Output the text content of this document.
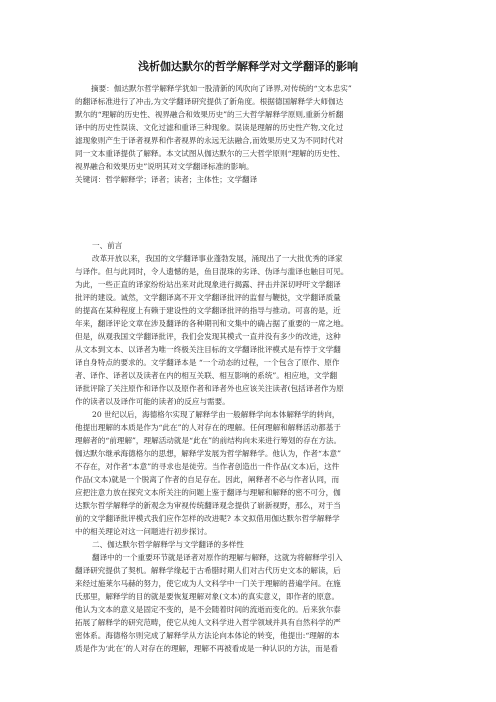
浅析伽达默尔的哲学解释学对文学翻译的影响
摘要：伽达默尔哲学解释学犹如一股清新的风吹向了译界,对传统的“文本忠实”
的翻译标准进行了冲击,为文学翻译研究提供了新角度。根据德国解释学大师伽达
默尔的“理解的历史性、视界融合和效果历史”的三大哲学解释学原则,重新分析翻
译中的历史性误读、文化过滤和重译三种现象。误读是理解的历史性产物,文化过
滤现象则产生于译者视界和作者视界的永远无法融合,而效果历史又为不同时代对
同一文本重译提供了解释。本文试图从伽达默尔的三大哲学原则“理解的历史性、
视界融合和效果历史”说明其对文学翻译标准的影响。
关键词：哲学解释学；译者；读者；主体性；文学翻译
一、前言
改革开放以来，我国的文学翻译事业蓬勃发展，涌现出了一大批优秀的译家
与译作。但与此同时，令人遗憾的是，鱼目混珠的劣译、伪译与滥译也触目可见。
为此，一些正直的译家纷纷站出来对此现象进行揭露、抨击并深切呼吁文学翻译
批评的建设。诚然，文学翻译离不开文学翻译批评的监督与鞭挞，文学翻译质量
的提高在某种程度上有赖于建设性的文学翻译批评的指导与推动。可喜的是，近
年来，翻译评论文章在涉及翻译的各种期刊和文集中的确占据了重要的一席之地。
但是，纵观我国文学翻译批评，我们会发现其模式一直并没有多少的改进，这种
从文本到文本、以译者为唯一终极关注目标的文学翻译批评模式是有悖于文学翻
译自身特点的要求的。文学翻译本是 “一个动态的过程，一个包含了原作、原作
者、译作、译者以及读者在内的相互关联、相互影响的系统”。相应地，文学翻
译批评除了关注原作和译作以及原作者和译者外也应该关注读者(包括译者作为原
作的读者以及译作可能的读者)的反应与需要。
20 世纪以后，海德格尔实现了解释学由一般解释学向本体解释学的转向，
他提出理解的本质是作为“此在”的人对存在的理解。任何理解和解释活动都基于
理解者的“前理解”，理解活动就是“此在”的前结构向未来进行筹划的存在方法。
伽达默尔继承海德格尔的思想，解释学发展为哲学解释学。他认为，作者“本意”
不存在，对作者“本意”的寻求也是徒劳。当作者创造出一件作品(文本)后，这件
作品(文本)就是一个脱离了作者的自足存在。因此，阐释者不必与作者认同，而
应把注意力放在探究文本所关注的问题上鉴于翻译与理解和解释的密不可分，伽
达默尔哲学解释学的新观念为审视传统翻译观念提供了崭新视野，那么，对于当
前的文学翻译批评模式我们应作怎样的改进呢? 本文拟借用伽达默尔哲学解释学
中的相关理论对这一问题进行初步探讨。
二、伽达默尔哲学解释学与文学翻译的多样性
翻译中的一个重要环节就是译者对原作的理解与解释，这就为将解释学引入
翻译研究提供了契机。解释学缘起于古希腊时期人们对古代历史文本的解读，后
来经过施莱尔马赫的努力，使它成为人文科学中一门关于理解的普遍学问。在施
氏那里，解释学的目的就是要恢复理解对象(文本)的真实意义，即作者的原意。
他认为文本的意义是固定不变的，是不会随着时间的流逝而变化的。后来狄尔泰
拓展了解释学的研究范畴，使它从纯人文科学进入哲学领域并具有自然科学的严
密体系。海德格尔则完成了解释学从方法论向本体论的转变，他提出:“理解的本
质是作为‘此在’的人对存在的理解，理解不再被看成是一种认识的方法，而是看
